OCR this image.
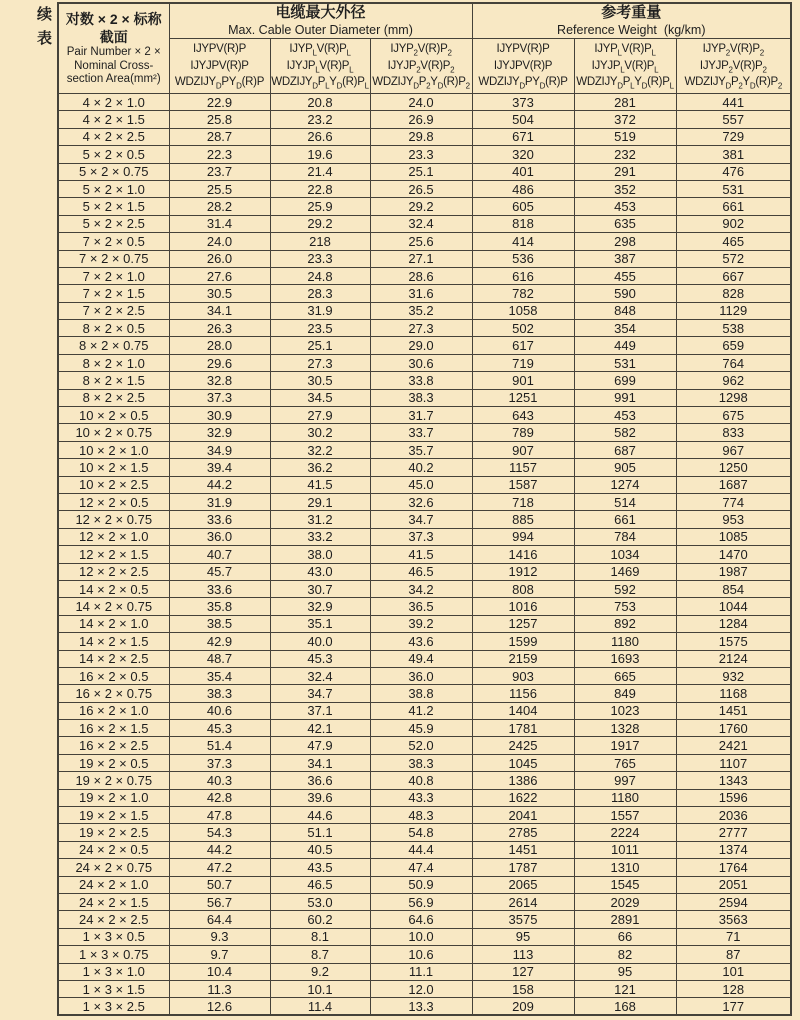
续表 对数 × 2 × 标称
截面
Pair Number × 2 ×
Nominal Cross-
section Area(mm²)

电缆最大外径
Max. Cable Outer Diameter (mm)

参考重量
Reference Weight  (kg/km)

IJYPV(R)P
IJYJPV(R)P
$WDZIJY_DPY_D(R)P$

$IJYP_LV(R)P_L$
$IJYJP_LV(R)P_L$
$WDZIJY_DP_LY_D(R)P_L$

$IJYP_2V(R)P_2$
$IJYJP_2V(R)P_2$
$WDZIJY_DP_2Y_D(R)P_2$

IJYPV(R)P
IJYJPV(R)P
$WDZIJY_DPY_D(R)P$

$IJYP_LV(R)P_L$
$IJYJP_LV(R)P_L$
$WDZIJY_DP_LY_D(R)P_L$

$IJYP_2V(R)P_2$
$IJYJP_2V(R)P_2$
$WDZIJY_DP_2Y_D(R)P_2$

4 × 2 × 1.0	22.9	20.8	24.0	373	281	441
4 × 2 × 1.5	25.8	23.2	26.9	504	372	557
4 × 2 × 2.5	28.7	26.6	29.8	671	519	729
5 × 2 × 0.5	22.3	19.6	23.3	320	232	381
5 × 2 × 0.75	23.7	21.4	25.1	401	291	476
5 × 2 × 1.0	25.5	22.8	26.5	486	352	531
5 × 2 × 1.5	28.2	25.9	29.2	605	453	661
5 × 2 × 2.5	31.4	29.2	32.4	818	635	902
7 × 2 × 0.5	24.0	218	25.6	414	298	465
7 × 2 × 0.75	26.0	23.3	27.1	536	387	572
7 × 2 × 1.0	27.6	24.8	28.6	616	455	667
7 × 2 × 1.5	30.5	28.3	31.6	782	590	828
7 × 2 × 2.5	34.1	31.9	35.2	1058	848	1129
8 × 2 × 0.5	26.3	23.5	27.3	502	354	538
8 × 2 × 0.75	28.0	25.1	29.0	617	449	659
8 × 2 × 1.0	29.6	27.3	30.6	719	531	764
8 × 2 × 1.5	32.8	30.5	33.8	901	699	962
8 × 2 × 2.5	37.3	34.5	38.3	1251	991	1298
10 × 2 × 0.5	30.9	27.9	31.7	643	453	675
10 × 2 × 0.75	32.9	30.2	33.7	789	582	833
10 × 2 × 1.0	34.9	32.2	35.7	907	687	967
10 × 2 × 1.5	39.4	36.2	40.2	1157	905	1250
10 × 2 × 2.5	44.2	41.5	45.0	1587	1274	1687
12 × 2 × 0.5	31.9	29.1	32.6	718	514	774
12 × 2 × 0.75	33.6	31.2	34.7	885	661	953
12 × 2 × 1.0	36.0	33.2	37.3	994	784	1085
12 × 2 × 1.5	40.7	38.0	41.5	1416	1034	1470
12 × 2 × 2.5	45.7	43.0	46.5	1912	1469	1987
14 × 2 × 0.5	33.6	30.7	34.2	808	592	854
14 × 2 × 0.75	35.8	32.9	36.5	1016	753	1044
14 × 2 × 1.0	38.5	35.1	39.2	1257	892	1284
14 × 2 × 1.5	42.9	40.0	43.6	1599	1180	1575
14 × 2 × 2.5	48.7	45.3	49.4	2159	1693	2124
16 × 2 × 0.5	35.4	32.4	36.0	903	665	932
16 × 2 × 0.75	38.3	34.7	38.8	1156	849	1168
16 × 2 × 1.0	40.6	37.1	41.2	1404	1023	1451
16 × 2 × 1.5	45.3	42.1	45.9	1781	1328	1760
16 × 2 × 2.5	51.4	47.9	52.0	2425	1917	2421
19 × 2 × 0.5	37.3	34.1	38.3	1045	765	1107
19 × 2 × 0.75	40.3	36.6	40.8	1386	997	1343
19 × 2 × 1.0	42.8	39.6	43.3	1622	1180	1596
19 × 2 × 1.5	47.8	44.6	48.3	2041	1557	2036
19 × 2 × 2.5	54.3	51.1	54.8	2785	2224	2777
24 × 2 × 0.5	44.2	40.5	44.4	1451	1011	1374
24 × 2 × 0.75	47.2	43.5	47.4	1787	1310	1764
24 × 2 × 1.0	50.7	46.5	50.9	2065	1545	2051
24 × 2 × 1.5	56.7	53.0	56.9	2614	2029	2594
24 × 2 × 2.5	64.4	60.2	64.6	3575	2891	3563
1 × 3 × 0.5	9.3	8.1	10.0	95	66	71
1 × 3 × 0.75	9.7	8.7	10.6	113	82	87
1 × 3 × 1.0	10.4	9.2	11.1	127	95	101
1 × 3 × 1.5	11.3	10.1	12.0	158	121	128
1 × 3 × 2.5	12.6	11.4	13.3	209	168	177
